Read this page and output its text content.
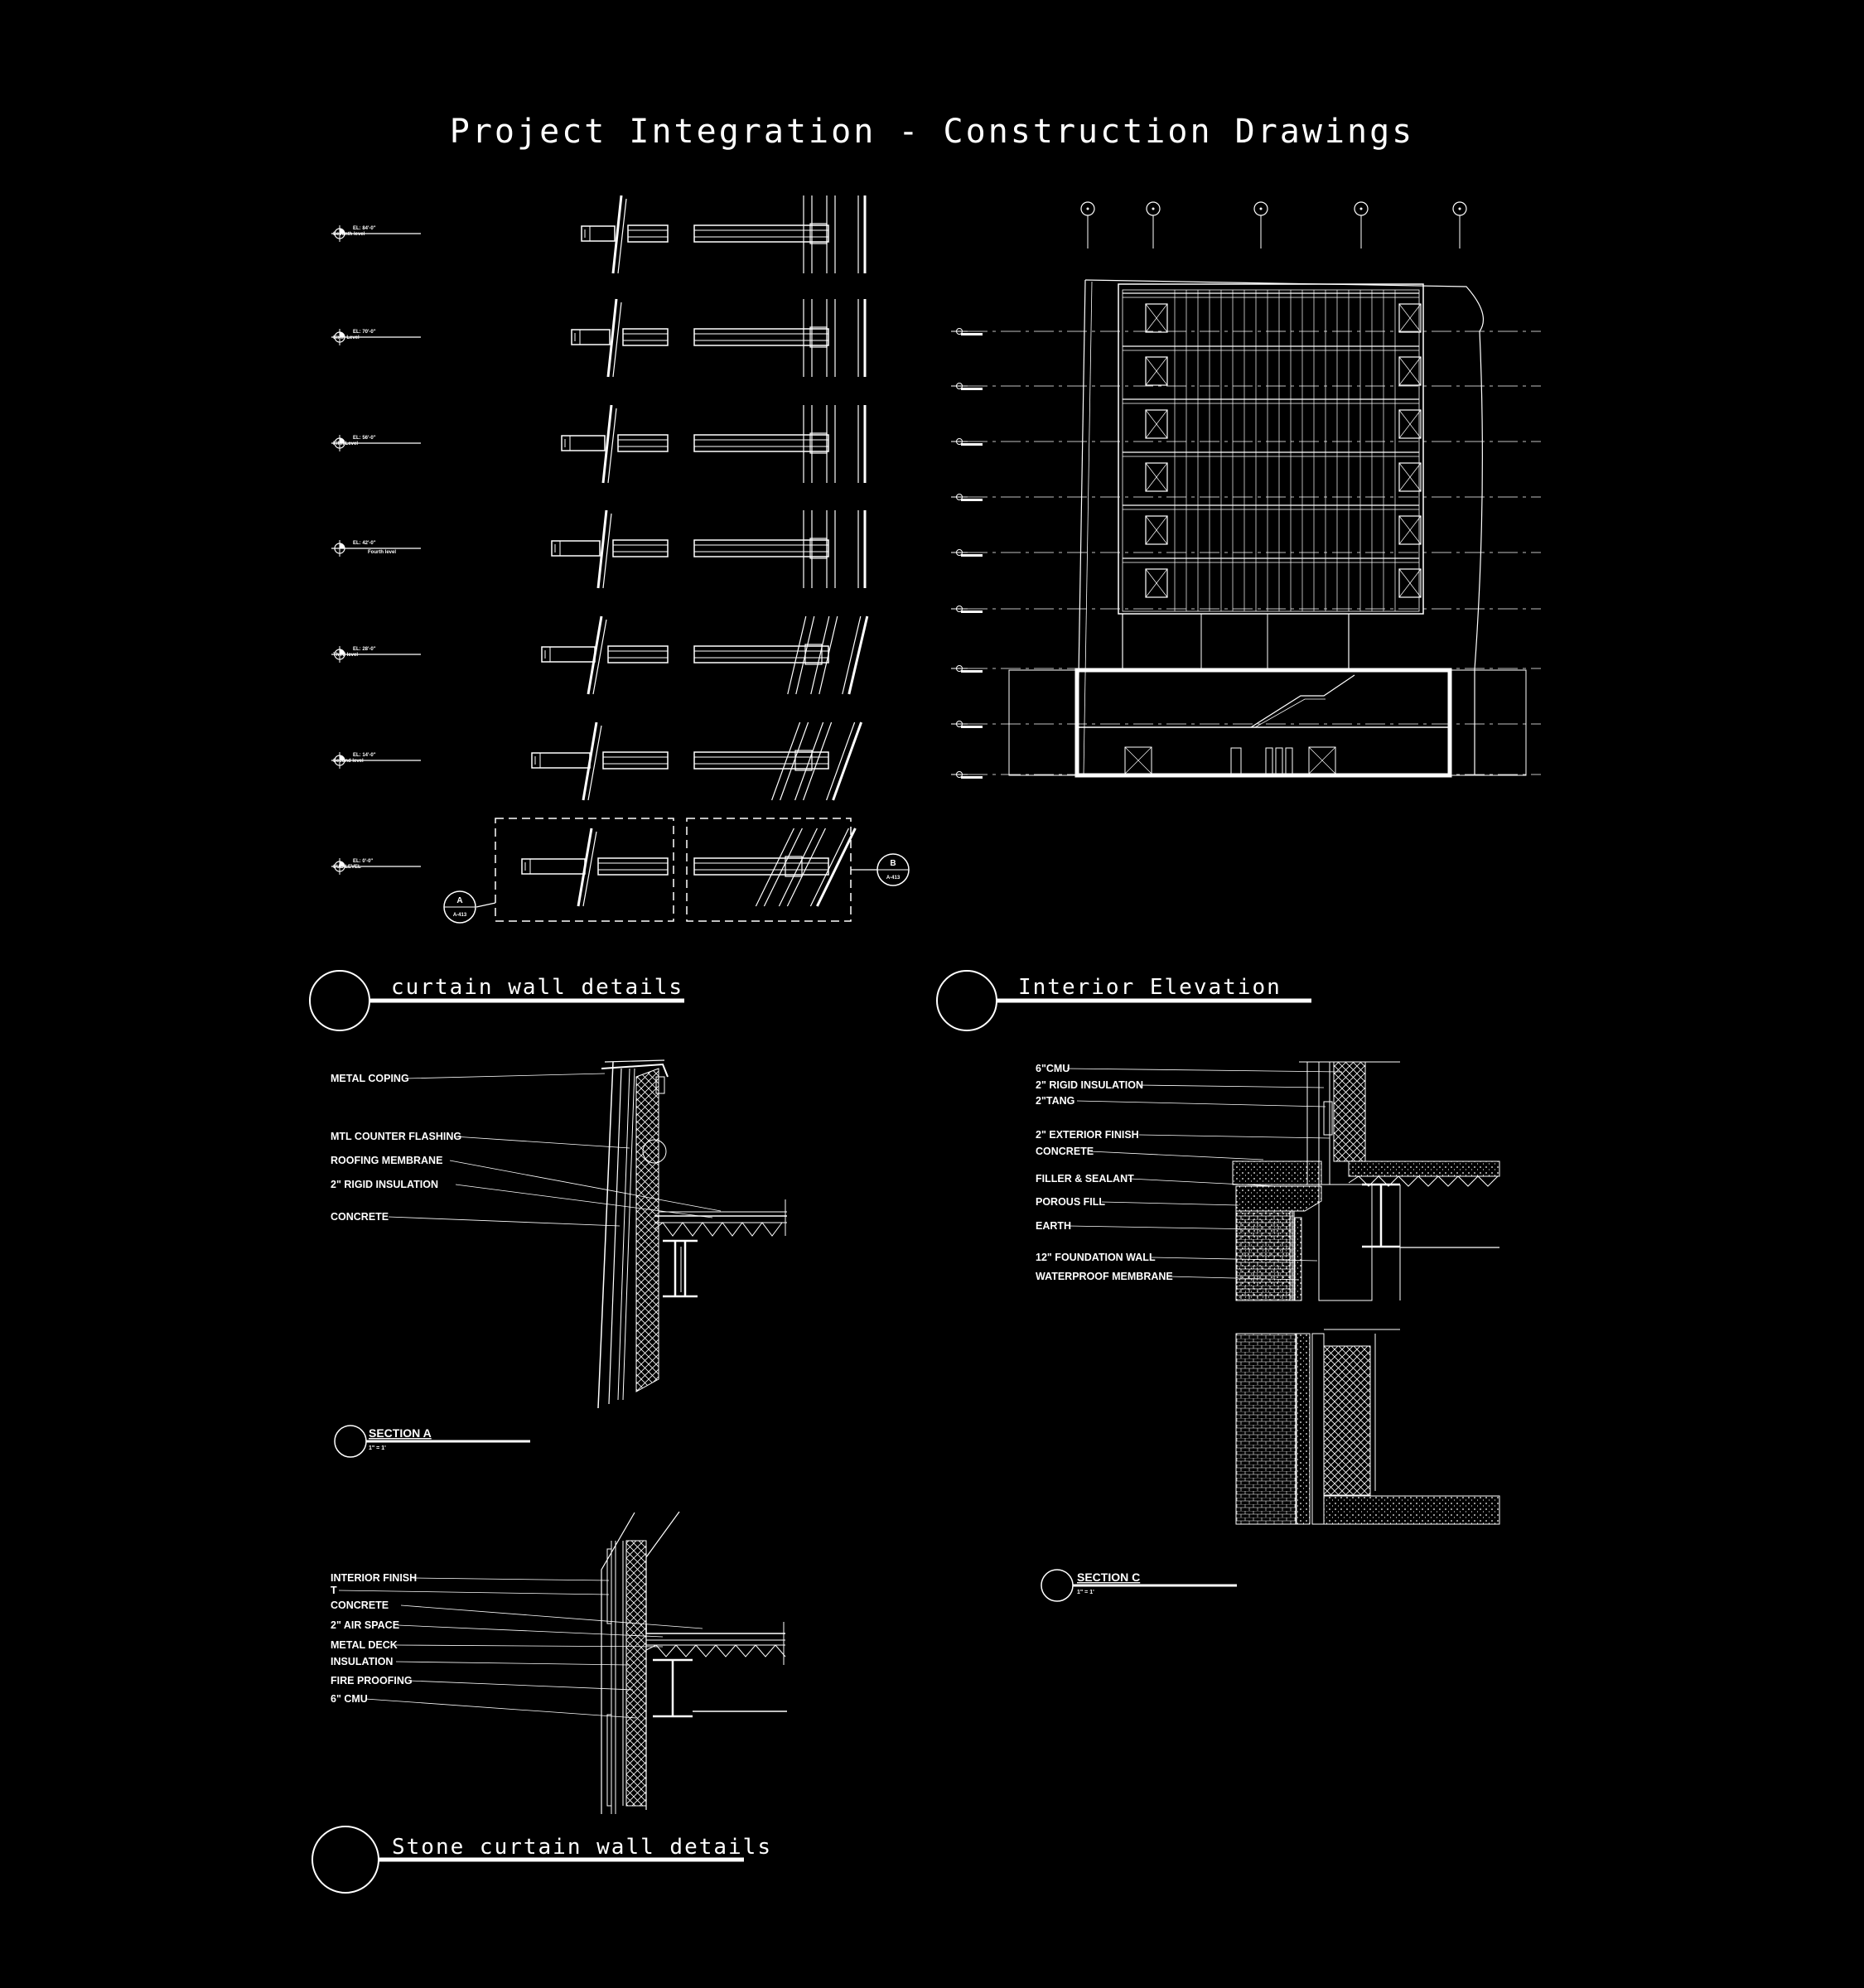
Project Integration - Construction Drawings
EL: 84'-0"
Seventh level
EL: 70'-0"
Sixth Level
EL: 56'-0"
Fifth Level
EL: 42'-0"
Fourth level
EL: 28'-0"
Third level
EL: 14'-0"
Second level
EL: 0'-0"
SUB LEVEL
A
A-413
B
A-413
curtain wall details	Interior Elevation
Stone curtain wall details
METAL COPING
MTL COUNTER FLASHING
ROOFING MEMBRANE
2" RIGID INSULATION
CONCRETE
SECTION A
1" = 1'
INTERIOR FINISH
T
CONCRETE
2" AIR SPACE
METAL DECK
INSULATION
FIRE PROOFING
6" CMU
6"CMU
2" RIGID INSULATION
2"TANG
2" EXTERIOR FINISH
CONCRETE
FILLER & SEALANT
POROUS FILL
EARTH
12" FOUNDATION WALL
WATERPROOF MEMBRANE
SECTION C
1" = 1'
